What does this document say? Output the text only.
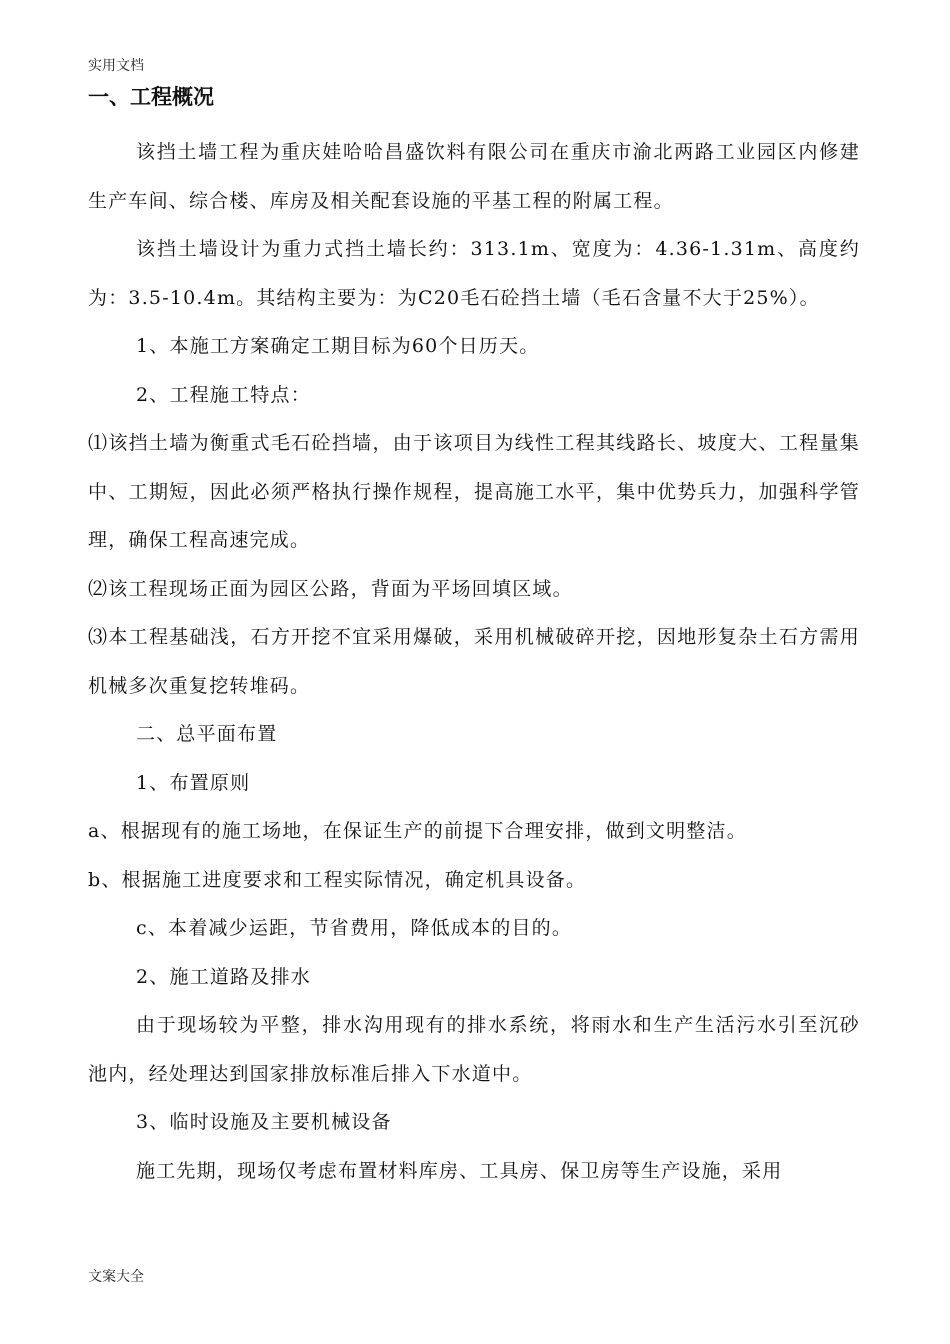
实用文档
一、工程概况

该挡土墙工程为重庆娃哈哈昌盛饮料有限公司在重庆市渝北两路工业园区内修建生产车间、综合楼、库房及相关配套设施的平基工程的附属工程。

该挡土墙设计为重力式挡土墙长约：313.1m、宽度为：4.36-1.31m、高度约为：3.5-10.4m。其结构主要为：为C20毛石砼挡土墙（毛石含量不大于25%）。

1、本施工方案确定工期目标为60个日历天。

2、工程施工特点：

⑴该挡土墙为衡重式毛石砼挡墙，由于该项目为线性工程其线路长、坡度大、工程量集中、工期短，因此必须严格执行操作规程，提高施工水平，集中优势兵力，加强科学管理，确保工程高速完成。

⑵该工程现场正面为园区公路，背面为平场回填区域。

⑶本工程基础浅，石方开挖不宜采用爆破，采用机械破碎开挖，因地形复杂土石方需用机械多次重复挖转堆码。

二、总平面布置

1、布置原则

a、根据现有的施工场地，在保证生产的前提下合理安排，做到文明整洁。

b、根据施工进度要求和工程实际情况，确定机具设备。

c、本着减少运距，节省费用，降低成本的目的。

2、施工道路及排水

由于现场较为平整，排水沟用现有的排水系统，将雨水和生产生活污水引至沉砂池内，经处理达到国家排放标准后排入下水道中。

3、临时设施及主要机械设备

施工先期，现场仅考虑布置材料库房、工具房、保卫房等生产设施，采用

文案大全
